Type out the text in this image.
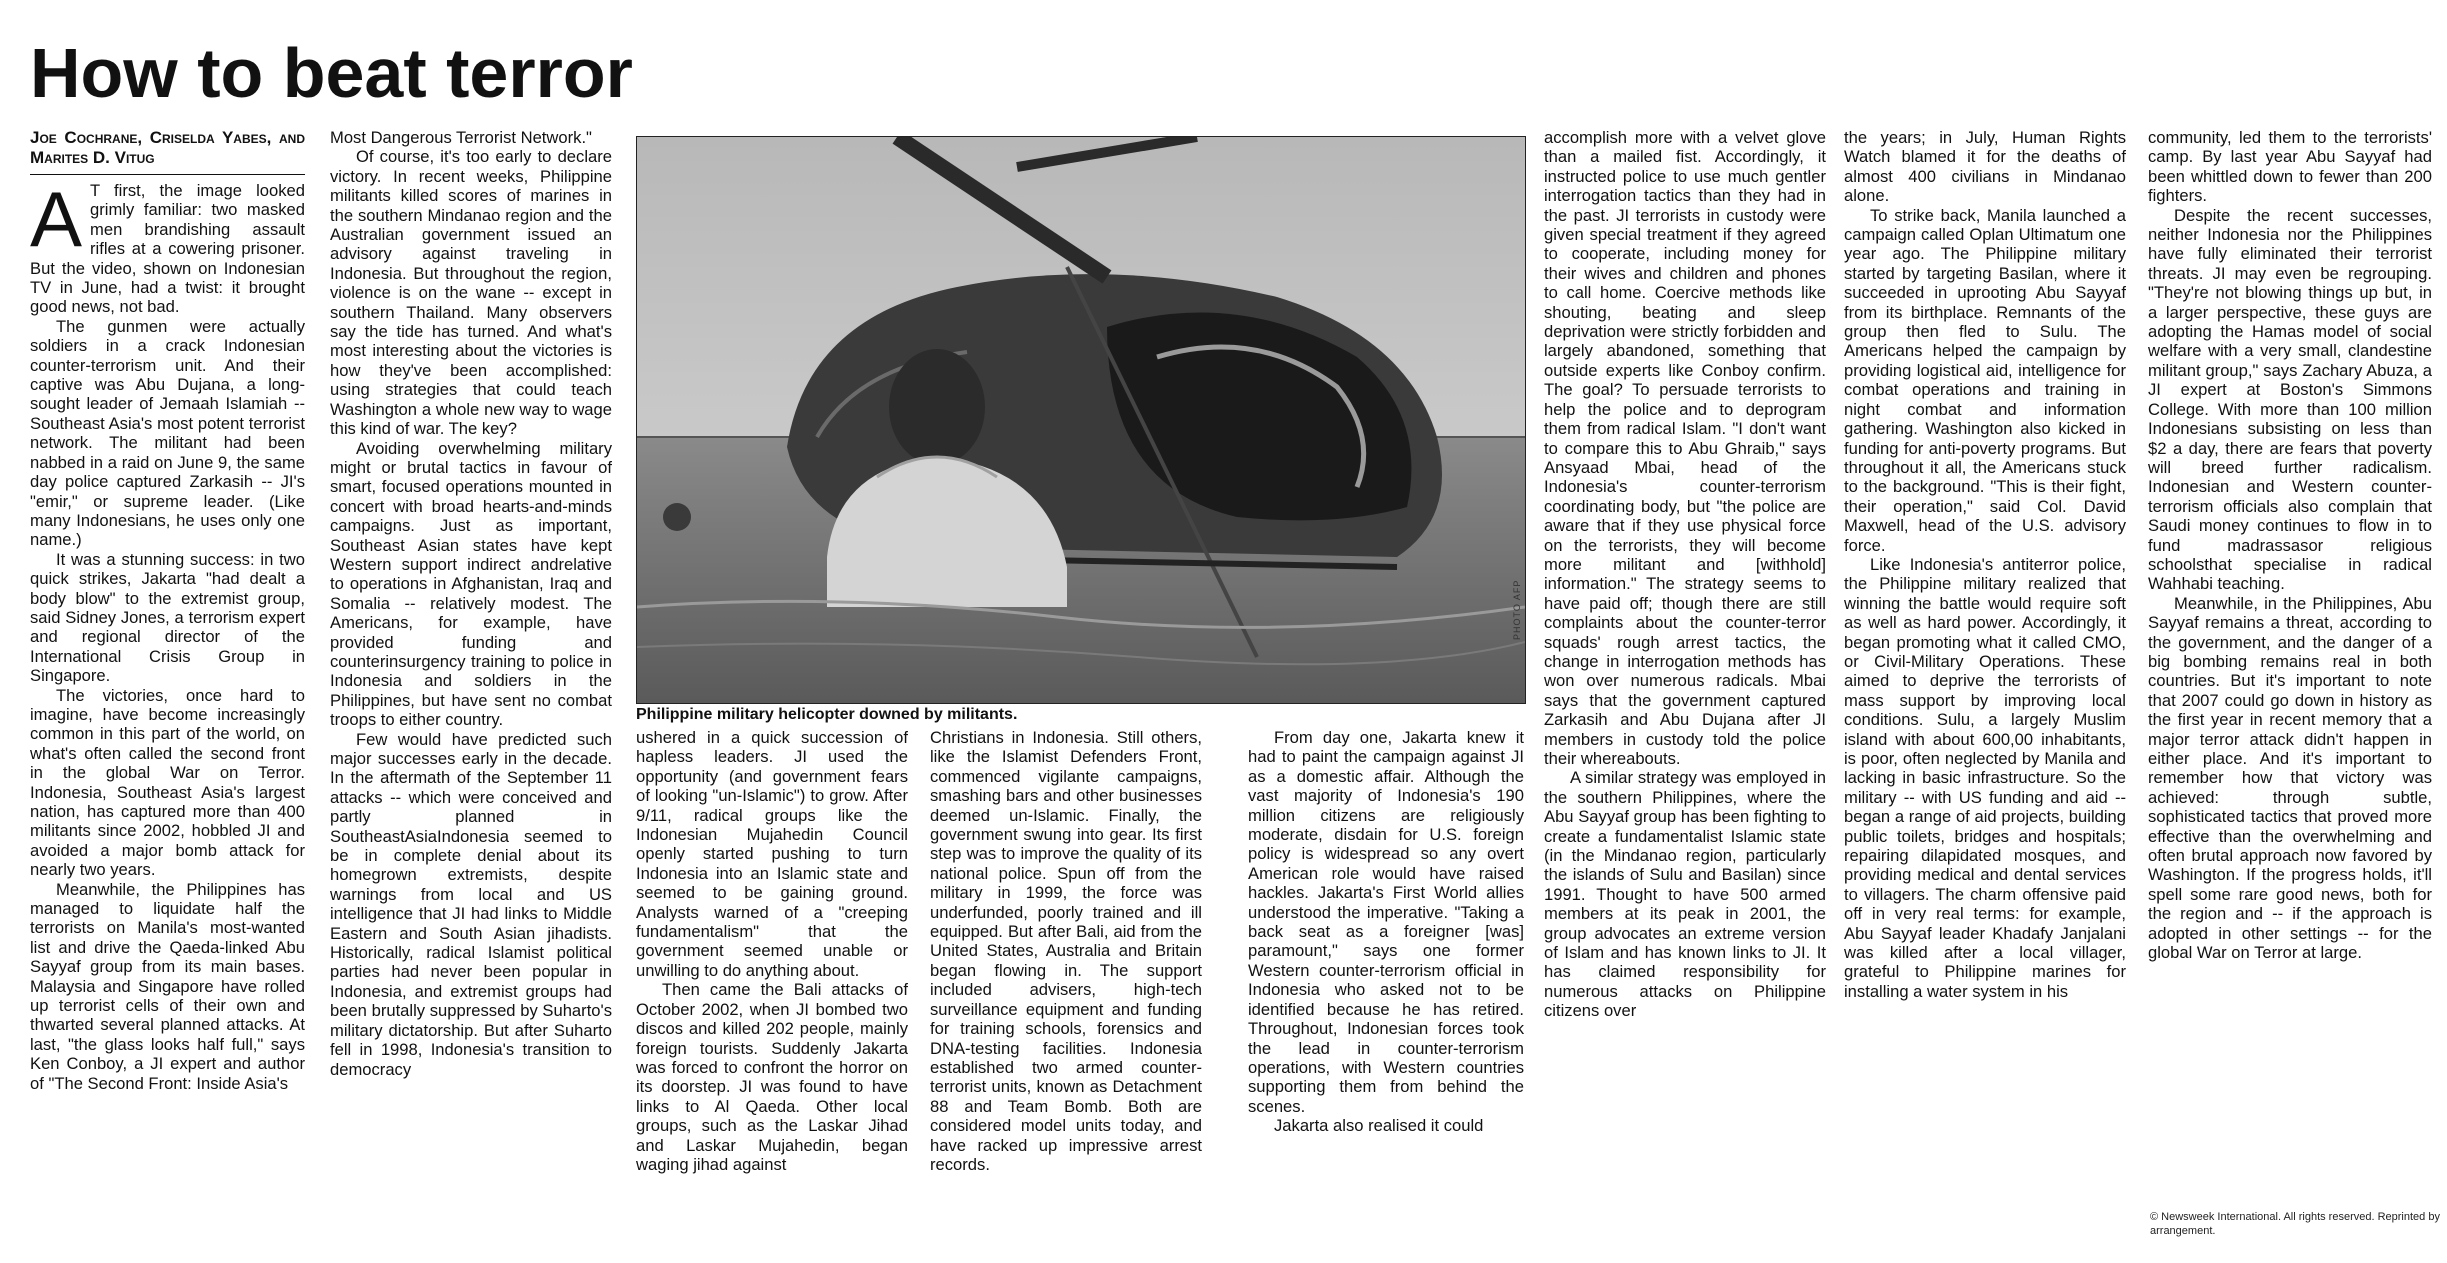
How to beat terror
Joe Cochrane, Criselda Yabes, and Marites D. Vitug
A T first, the image looked grimly familiar: two masked men brandishing assault rifles at a cowering prisoner. But the video, shown on Indonesian TV in June, had a twist: it brought good news, not bad.

The gunmen were actually soldiers in a crack Indonesian counter-terrorism unit. And their captive was Abu Dujana, a long-sought leader of Jemaah Islamiah -- Southeast Asia's most potent terrorist network. The militant had been nabbed in a raid on June 9, the same day police captured Zarkasih -- JI's "emir," or supreme leader. (Like many Indonesians, he uses only one name.)

It was a stunning success: in two quick strikes, Jakarta "had dealt a body blow" to the extremist group, said Sidney Jones, a terrorism expert and regional director of the International Crisis Group in Singapore.

The victories, once hard to imagine, have become increasingly common in this part of the world, on what's often called the second front in the global War on Terror. Indonesia, Southeast Asia's largest nation, has captured more than 400 militants since 2002, hobbled JI and avoided a major bomb attack for nearly two years.

Meanwhile, the Philippines has managed to liquidate half the terrorists on Manila's most-wanted list and drive the Qaeda-linked Abu Sayyaf group from its main bases. Malaysia and Singapore have rolled up terrorist cells of their own and thwarted several planned attacks. At last, "the glass looks half full," says Ken Conboy, a JI expert and author of "The Second Front: Inside Asia's

Most Dangerous Terrorist Network."

Of course, it's too early to declare victory. In recent weeks, Philippine militants killed scores of marines in the southern Mindanao region and the Australian government issued an advisory against traveling in Indonesia. But throughout the region, violence is on the wane -- except in southern Thailand. Many observers say the tide has turned. And what's most interesting about the victories is how they've been accomplished: using strategies that could teach Washington a whole new way to wage this kind of war. The key?

Avoiding overwhelming military might or brutal tactics in favour of smart, focused operations mounted in concert with broad hearts-and-minds campaigns. Just as important, Southeast Asian states have kept Western support indirect andrelative to operations in Afghanistan, Iraq and Somalia -- relatively modest. The Americans, for example, have provided funding and counterinsurgency training to police in Indonesia and soldiers in the Philippines, but have sent no combat troops to either country.

Few would have predicted such major successes early in the decade. In the aftermath of the September 11 attacks -- which were conceived and partly planned in SoutheastAsiaIndonesia seemed to be in complete denial about its homegrown extremists, despite warnings from local and US intelligence that JI had links to Middle Eastern and South Asian jihadists. Historically, radical Islamist political parties had never been popular in Indonesia, and extremist groups had been brutally suppressed by Suharto's military dictatorship. But after Suharto fell in 1998, Indonesia's transition to democracy

PHOTO AFP
Philippine military helicopter downed by militants.

ushered in a quick succession of hapless leaders. JI used the opportunity (and government fears of looking "un-Islamic") to grow. After 9/11, radical groups like the Indonesian Mujahedin Council openly started pushing to turn Indonesia into an Islamic state and seemed to be gaining ground. Analysts warned of a "creeping fundamentalism" that the government seemed unable or unwilling to do anything about.

Then came the Bali attacks of October 2002, when JI bombed two discos and killed 202 people, mainly foreign tourists. Suddenly Jakarta was forced to confront the horror on its doorstep. JI was found to have links to Al Qaeda. Other local groups, such as the Laskar Jihad and Laskar Mujahedin, began waging jihad against

Christians in Indonesia. Still others, like the Islamist Defenders Front, commenced vigilante campaigns, smashing bars and other businesses deemed un-Islamic. Finally, the government swung into gear. Its first step was to improve the quality of its national police. Spun off from the military in 1999, the force was underfunded, poorly trained and ill equipped. But after Bali, aid from the United States, Australia and Britain began flowing in. The support included advisers, high-tech surveillance equipment and funding for training schools, forensics and DNA-testing facilities. Indonesia established two armed counter-terrorist units, known as Detachment 88 and Team Bomb. Both are considered model units today, and have racked up impressive arrest records.

From day one, Jakarta knew it had to paint the campaign against JI as a domestic affair. Although the vast majority of Indonesia's 190 million citizens are religiously moderate, disdain for U.S. foreign policy is widespread so any overt American role would have raised hackles. Jakarta's First World allies understood the imperative. "Taking a back seat as a foreigner [was] paramount," says one former Western counter-terrorism official in Indonesia who asked not to be identified because he has retired. Throughout, Indonesian forces took the lead in counter-terrorism operations, with Western countries supporting them from behind the scenes.

Jakarta also realised it could

accomplish more with a velvet glove than a mailed fist. Accordingly, it instructed police to use much gentler interrogation tactics than they had in the past. JI terrorists in custody were given special treatment if they agreed to cooperate, including money for their wives and children and phones to call home. Coercive methods like shouting, beating and sleep deprivation were strictly forbidden and largely abandoned, something that outside experts like Conboy confirm. The goal? To persuade terrorists to help the police and to deprogram them from radical Islam. "I don't want to compare this to Abu Ghraib," says Ansyaad Mbai, head of the Indonesia's counter-terrorism coordinating body, but "the police are aware that if they use physical force on the terrorists, they will become more militant and [withhold] information." The strategy seems to have paid off; though there are still complaints about the counter-terror squads' rough arrest tactics, the change in interrogation methods has won over numerous radicals. Mbai says that the government captured Zarkasih and Abu Dujana after JI members in custody told the police their whereabouts.

A similar strategy was employed in the southern Philippines, where the Abu Sayyaf group has been fighting to create a fundamentalist Islamic state (in the Mindanao region, particularly the islands of Sulu and Basilan) since 1991. Thought to have 500 armed members at its peak in 2001, the group advocates an extreme version of Islam and has known links to JI. It has claimed responsibility for numerous attacks on Philippine citizens over

the years; in July, Human Rights Watch blamed it for the deaths of almost 400 civilians in Mindanao alone.

To strike back, Manila launched a campaign called Oplan Ultimatum one year ago. The Philippine military started by targeting Basilan, where it succeeded in uprooting Abu Sayyaf from its birthplace. Remnants of the group then fled to Sulu. The Americans helped the campaign by providing logistical aid, intelligence for combat operations and training in night combat and information gathering. Washington also kicked in funding for anti-poverty programs. But throughout it all, the Americans stuck to the background. "This is their fight, their operation," said Col. David Maxwell, head of the U.S. advisory force.

Like Indonesia's antiterror police, the Philippine military realized that winning the battle would require soft as well as hard power. Accordingly, it began promoting what it called CMO, or Civil-Military Operations. These aimed to deprive the terrorists of mass support by improving local conditions. Sulu, a largely Muslim island with about 600,00 inhabitants, is poor, often neglected by Manila and lacking in basic infrastructure. So the military -- with US funding and aid -- began a range of aid projects, building public toilets, bridges and hospitals; repairing dilapidated mosques, and providing medical and dental services to villagers. The charm offensive paid off in very real terms: for example, Abu Sayyaf leader Khadafy Janjalani was killed after a local villager, grateful to Philippine marines for installing a water system in his

community, led them to the terrorists' camp. By last year Abu Sayyaf had been whittled down to fewer than 200 fighters.

Despite the recent successes, neither Indonesia nor the Philippines have fully eliminated their terrorist threats. JI may even be regrouping. "They're not blowing things up but, in a larger perspective, these guys are adopting the Hamas model of social welfare with a very small, clandestine militant group," says Zachary Abuza, a JI expert at Boston's Simmons College. With more than 100 million Indonesians subsisting on less than $2 a day, there are fears that poverty will breed further radicalism. Indonesian and Western counter-terrorism officials also complain that Saudi money continues to flow in to fund madrassasor religious schoolsthat specialise in radical Wahhabi teaching.

Meanwhile, in the Philippines, Abu Sayyaf remains a threat, according to the government, and the danger of a big bombing remains real in both countries. But it's important to note that 2007 could go down in history as the first year in recent memory that a major terror attack didn't happen in either place. And it's important to remember how that victory was achieved: through subtle, sophisticated tactics that proved more effective than the overwhelming and often brutal approach now favored by Washington. If the progress holds, it'll spell some rare good news, both for the region and -- if the approach is adopted in other settings -- for the global War on Terror at large.

© Newsweek International. All rights reserved. Reprinted by arrangement.
